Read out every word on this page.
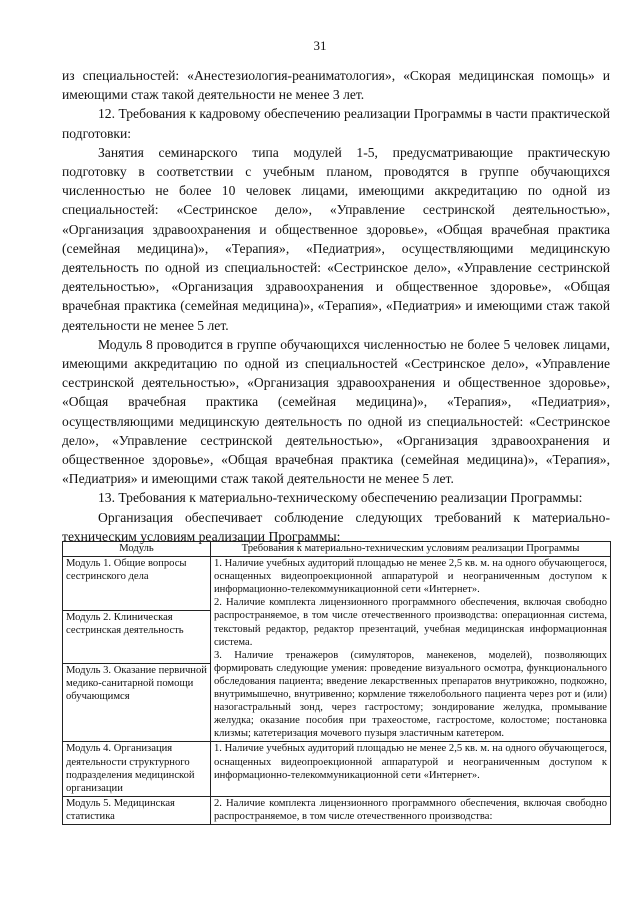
31

из специальностей: «Анестезиология-реаниматология», «Скорая медицинская помощь» и имеющими стаж такой деятельности не менее 3 лет.

12. Требования к кадровому обеспечению реализации Программы в части практической подготовки:

Занятия семинарского типа модулей 1-5, предусматривающие практическую подготовку в соответствии с учебным планом, проводятся в группе обучающихся численностью не более 10 человек лицами, имеющими аккредитацию по одной из специальностей: «Сестринское дело», «Управление сестринской деятельностью», «Организация здравоохранения и общественное здоровье», «Общая врачебная практика (семейная медицина)», «Терапия», «Педиатрия», осуществляющими медицинскую деятельность по одной из специальностей: «Сестринское дело», «Управление сестринской деятельностью», «Организация здравоохранения и общественное здоровье», «Общая врачебная практика (семейная медицина)», «Терапия», «Педиатрия» и имеющими стаж такой деятельности не менее 5 лет.

Модуль 8 проводится в группе обучающихся численностью не более 5 человек лицами, имеющими аккредитацию по одной из специальностей «Сестринское дело», «Управление сестринской деятельностью», «Организация здравоохранения и общественное здоровье», «Общая врачебная практика (семейная медицина)», «Терапия», «Педиатрия», осуществляющими медицинскую деятельность по одной из специальностей: «Сестринское дело», «Управление сестринской деятельностью», «Организация здравоохранения и общественное здоровье», «Общая врачебная практика (семейная медицина)», «Терапия», «Педиатрия» и имеющими стаж такой деятельности не менее 5 лет.

13. Требования к материально-техническому обеспечению реализации Программы:

Организация обеспечивает соблюдение следующих требований к материально-техническим условиям реализации Программы:

Модуль	Требования к материально-техническим условиям реализации Программы
Модуль 1. Общие вопросы сестринского дела	1. Наличие учебных аудиторий площадью не менее 2,5 кв. м. на одного обучающегося, оснащенных видеопроекционной аппаратурой и неограниченным доступом к информационно-телекоммуникационной сети «Интернет».
2. Наличие комплекта лицензионного программного обеспечения, включая свободно распространяемое, в том числе отечественного производства: операционная система, текстовый редактор, редактор презентаций, учебная медицинская информационная система.
3. Наличие тренажеров (симуляторов, манекенов, моделей), позволяющих формировать следующие умения: проведение визуального осмотра, функционального обследования пациента; введение лекарственных препаратов внутрикожно, подкожно, внутримышечно, внутривенно; кормление тяжелобольного пациента через рот и (или) назогастральный зонд, через гастростому; зондирование желудка, промывание желудка; оказание пособия при трахеостоме, гастростоме, колостоме; постановка клизмы; катетеризация мочевого пузыря эластичным катетером.

Модуль 2. Клиническая сестринская деятельность	
Модуль 3. Оказание первичной медико-санитарной помощи обучающимся	
Модуль 4. Организация деятельности структурного подразделения медицинской организации	1. Наличие учебных аудиторий площадью не менее 2,5 кв. м. на одного обучающегося, оснащенных видеопроекционной аппаратурой и неограниченным доступом к информационно-телекоммуникационной сети «Интернет».
Модуль 5. Медицинская статистика	2. Наличие комплекта лицензионного программного обеспечения, включая свободно распространяемое, в том числе отечественного производства:
